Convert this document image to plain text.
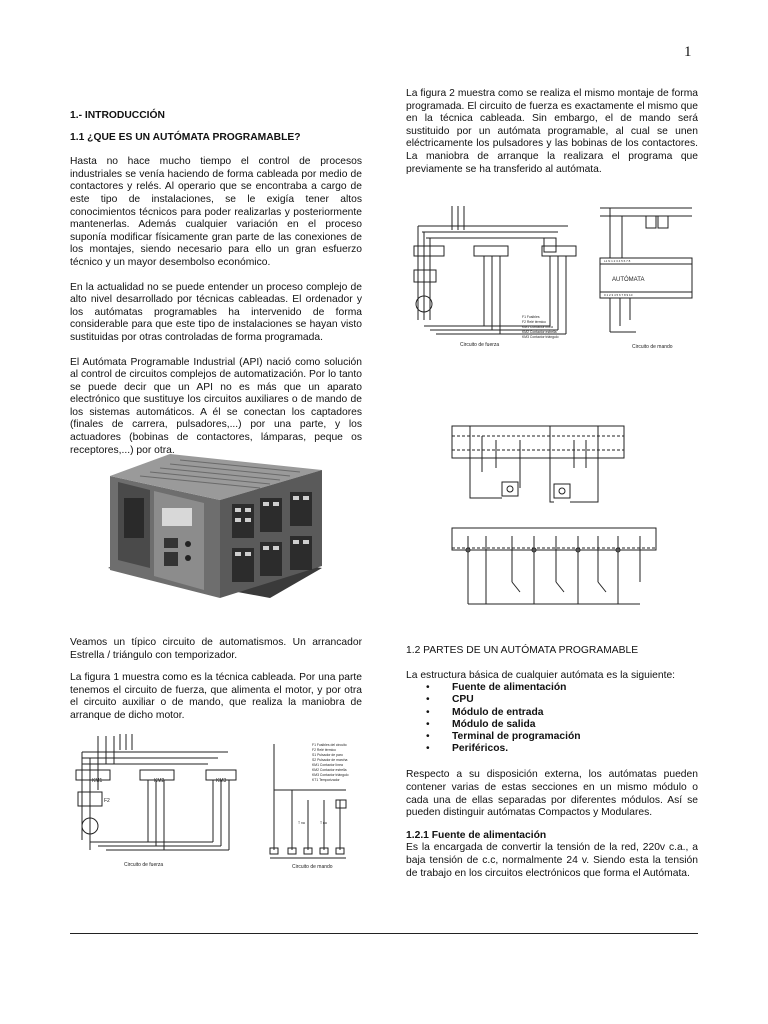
1
1.- INTRODUCCIÓN
1.1 ¿QUE ES UN AUTÓMATA PROGRAMABLE?

Hasta no hace mucho tiempo el control de procesos industriales se venía haciendo de forma cableada por medio de contactores y relés. Al operario que se encontraba a cargo de este tipo de instalaciones, se le exigía tener altos conocimientos técnicos para poder realizarlas y posteriormente mantenerlas. Además cualquier variación en el proceso suponía modificar físicamente gran parte de las conexiones de los montajes, siendo necesario para ello un gran esfuerzo técnico y un mayor desembolso económico.

En la actualidad no se puede entender un proceso complejo de alto nivel desarrollado por técnicas cableadas. El ordenador y los autómatas programables ha intervenido de forma considerable para que este tipo de instalaciones se hayan visto sustituidas por otras controladas de forma programada.

El Autómata Programable Industrial (API) nació como solución al control de circuitos complejos de automatización. Por lo tanto se puede decir que un API no es más que un aparato electrónico que sustituye los circuitos auxiliares o de mando de los sistemas automáticos. A él se conectan los captadores (finales de carrera, pulsadores,...) por una parte, y los actuadores (bobinas de contactores, lámparas, peque os receptores,...) por otra.

Veamos un típico circuito de automatismos. Un arrancador Estrella / triángulo con temporizador.

La figura 1 muestra como es la técnica cableada. Por una parte tenemos el circuito de fuerza, que alimenta el motor, y por otra el circuito auxiliar o de mando, que realiza la maniobra de arranque de dicho motor.

KM1	KM2	KM3
F2
Circuito de fuerza
F1 Fusibles del circuito
F2 Relé térmico
S1 Pulsador de paro
S2 Pulsador de marcha
KM1 Contactor línea
KM2 Contactor estrella
KM3 Contactor triángulo
KT1 Temporizador
T na	T na
Circuito de mando

La figura 2 muestra como se realiza el mismo montaje de forma programada. El circuito de fuerza es exactamente el mismo que en la técnica cableada. Sin embargo, el de mando será sustituido por un autómata programable, al cual se unen eléctricamente los pulsadores y las bobinas de los contactores. La maniobra de arranque la realizara el programa que previamente se ha transferido al autómata.

F1 Fusibles
F2 Relé térmico
KM1 Contactor línea
KM2 Contactor estrella
KM3 Contactor triángulo
Circuito de fuerza
L1 N 1 2 3 4 5 6 7 8
0 1 2 3 4 5 6 7 8 9 10
AUTÓMATA
Circuito de mando
1.2 PARTES DE UN AUTÓMATA PROGRAMABLE

La estructura básica de cualquier autómata es la siguiente:

• Fuente de alimentación
• CPU
• Módulo de entrada
• Módulo de salida
• Terminal de programación
• Periféricos.

Respecto a su disposición externa, los autómatas pueden contener varias de estas secciones en un mismo módulo o cada una de ellas separadas por diferentes módulos. Así se pueden distinguir autómatas Compactos y Modulares.

1.2.1 Fuente de alimentación

Es la encargada de convertir la tensión de la red, 220v c.a., a baja tensión de c.c, normalmente 24 v. Siendo esta la tensión de trabajo en los circuitos electrónicos que forma el Autómata.
